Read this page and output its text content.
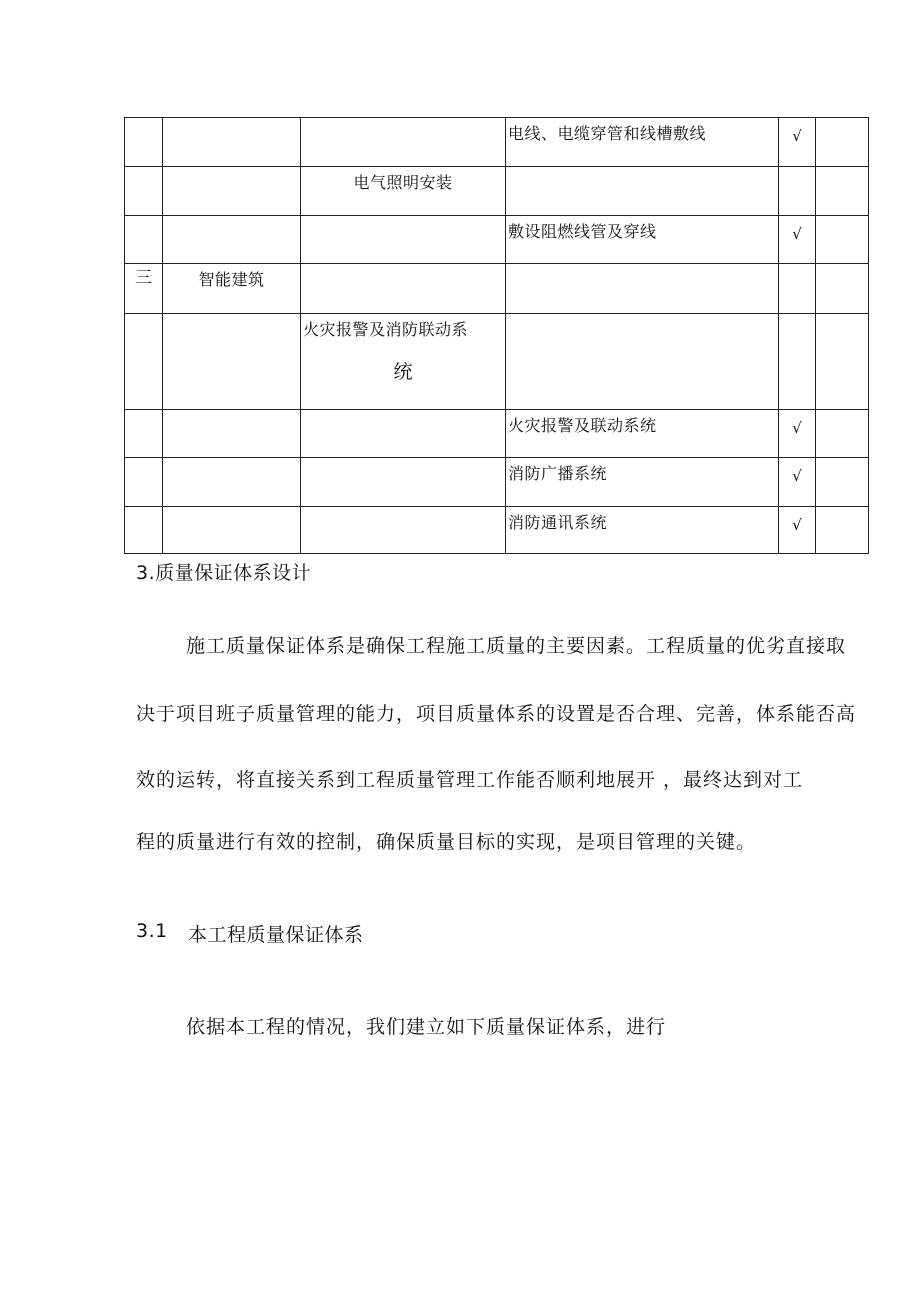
			电线、电缆穿管和线槽敷线	√	

		电气照明安装			

			敷设阻燃线管及穿线	√	

三	智能建筑				

		火灾报警及消防联动系
统			

			火灾报警及联动系统	√	

			消防广播系统	√	

			消防通讯系统	√	

3.质量保证体系设计
施工质量保证体系是确保工程施工质量的主要因素。工程质量的优劣直接取
决于项目班子质量管理的能力，项目质量体系的设置是否合理、完善，体系能否高
效的运转，将直接关系到工程质量管理工作能否顺利地展开 ，最终达到对工
程的质量进行有效的控制，确保质量目标的实现，是项目管理的关键。
3.1 本工程质量保证体系
依据本工程的情况，我们建立如下质量保证体系，进行
